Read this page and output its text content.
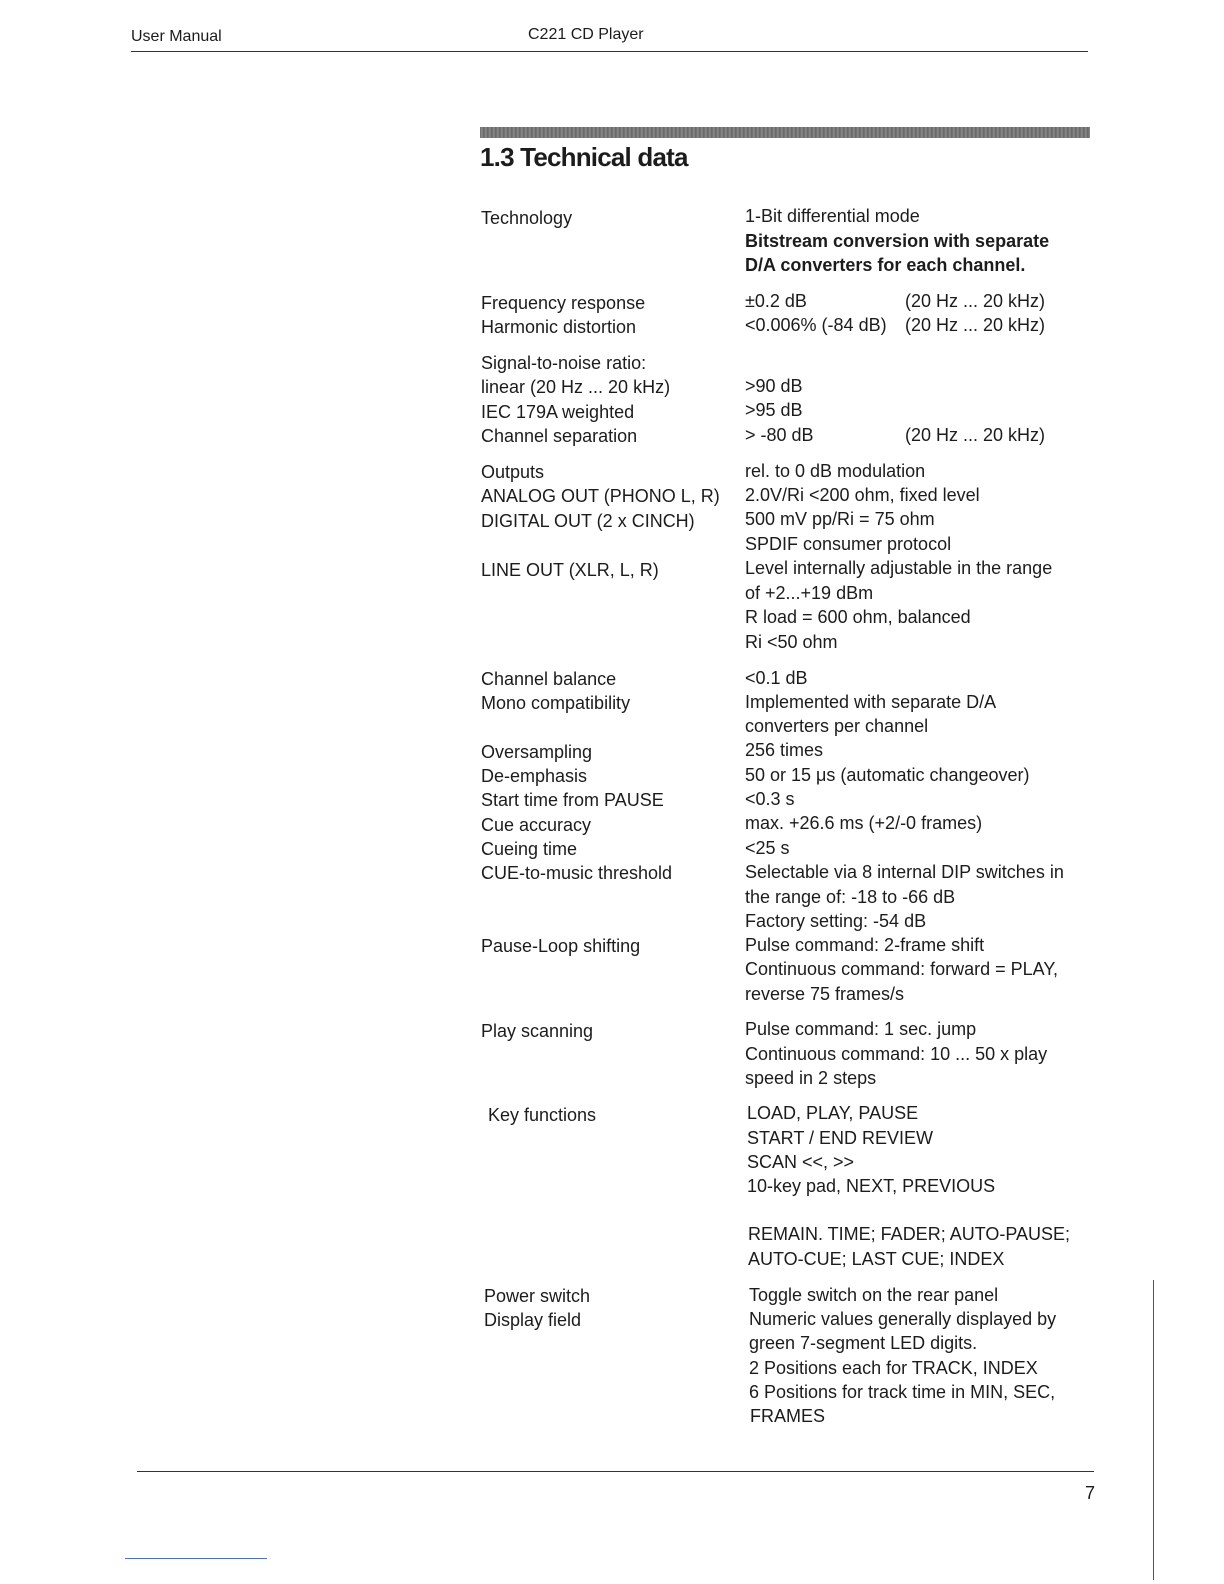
User Manual	C221 CD Player
1.3 Technical data
Technology	1-Bit differential mode
Bitstream conversion with separate
D/A converters for each channel.
Frequency response	±0.2 dB	(20 Hz ... 20 kHz)
Harmonic distortion	<0.006% (-84 dB) (20 Hz ... 20 kHz)
Signal-to-noise ratio:
linear (20 Hz ... 20 kHz)	>90 dB
IEC 179A weighted	>95 dB
Channel separation	> -80 dB	(20 Hz ... 20 kHz)
Outputs	rel. to 0 dB modulation
ANALOG OUT (PHONO L, R) 2.0V/Ri <200 ohm, fixed level
DIGITAL OUT (2 x CINCH)	500 mV pp/Ri = 75 ohm
SPDIF consumer protocol
LINE OUT (XLR, L, R)	Level internally adjustable in the range
of +2...+19 dBm
R load = 600 ohm, balanced
Ri <50 ohm
Channel balance	<0.1 dB
Mono compatibility	Implemented with separate D/A
converters per channel
Oversampling	256 times
De-emphasis	50 or 15 μs (automatic changeover)
Start time from PAUSE	<0.3 s
Cue accuracy	max. +26.6 ms (+2/-0 frames)
Cueing time	<25 s
CUE-to-music threshold	Selectable via 8 internal DIP switches in
the range of: -18 to -66 dB
Factory setting: -54 dB
Pause-Loop shifting	Pulse command: 2-frame shift
Continuous command: forward = PLAY,
reverse 75 frames/s
Play scanning	Pulse command: 1 sec. jump
Continuous command: 10 ... 50 x play
speed in 2 steps
Key functions	LOAD, PLAY, PAUSE
START / END REVIEW
SCAN <<, >>
10-key pad, NEXT, PREVIOUS
REMAIN. TIME; FADER; AUTO-PAUSE;
AUTO-CUE; LAST CUE; INDEX
Power switch	Toggle switch on the rear panel
Display field	Numeric values generally displayed by
green 7-segment LED digits.
2 Positions each for TRACK, INDEX
6 Positions for track time in MIN, SEC,
FRAMES
7
